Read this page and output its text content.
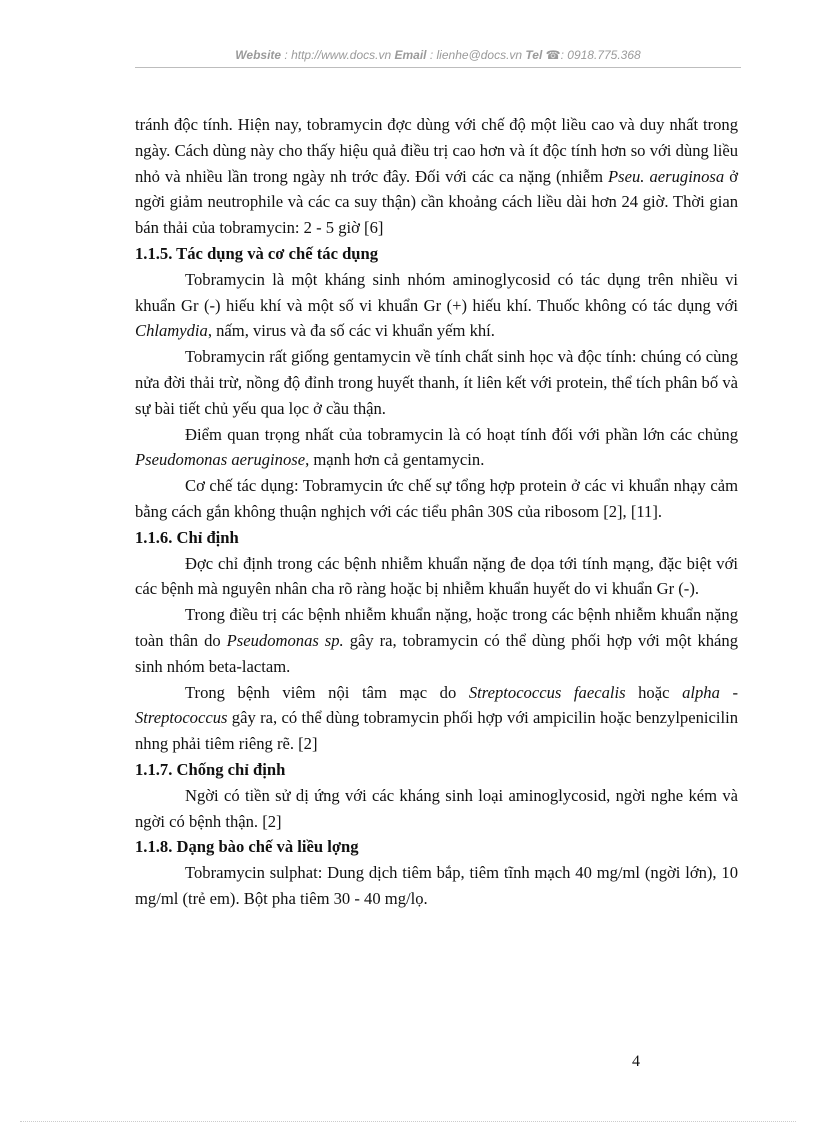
Website : http://www.docs.vn Email : lienhe@docs.vn Tel ☎: 0918.775.368

tránh độc tính. Hiện nay, tobramycin đợc dùng với chế độ một liều cao và duy nhất trong ngày. Cách dùng này cho thấy hiệu quả điều trị cao hơn và ít độc tính hơn so với dùng liều nhỏ và nhiều lần trong ngày nh trớc đây. Đối với các ca nặng (nhiễm Pseu. aeruginosa ở ngời giảm neutrophile và các ca suy thận) cần khoảng cách liều dài hơn 24 giờ. Thời gian bán thải của tobramycin: 2 - 5 giờ [6]

1.1.5. Tác dụng và cơ chế tác dụng

Tobramycin là một kháng sinh nhóm aminoglycosid có tác dụng trên nhiều vi khuẩn Gr (-) hiếu khí và một số vi khuẩn Gr (+) hiếu khí. Thuốc không có tác dụng với Chlamydia, nấm, virus và đa số các vi khuẩn yếm khí.

Tobramycin rất giống gentamycin về tính chất sinh học và độc tính: chúng có cùng nửa đời thải trừ, nồng độ đỉnh trong huyết thanh, ít liên kết với protein, thể tích phân bố và sự bài tiết chủ yếu qua lọc ở cầu thận.

Điểm quan trọng nhất của tobramycin là có hoạt tính đối với phần lớn các chủng Pseudomonas aeruginose, mạnh hơn cả gentamycin.

Cơ chế tác dụng: Tobramycin ức chế sự tổng hợp protein ở các vi khuẩn nhạy cảm bằng cách gắn không thuận nghịch với các tiểu phân 30S của ribosom [2], [11].

1.1.6. Chỉ định

Đợc chỉ định trong các bệnh nhiễm khuẩn nặng đe dọa tới tính mạng, đặc biệt với các bệnh mà nguyên nhân cha rõ ràng hoặc bị nhiễm khuẩn huyết do vi khuẩn Gr (-).

Trong điều trị các bệnh nhiễm khuẩn nặng, hoặc trong các bệnh nhiễm khuẩn nặng toàn thân do Pseudomonas sp. gây ra, tobramycin có thể dùng phối hợp với một kháng sinh nhóm beta-lactam.

Trong bệnh viêm nội tâm mạc do Streptococcus faecalis hoặc alpha - Streptococcus gây ra, có thể dùng tobramycin phối hợp với ampicilin hoặc benzylpenicilin nhng phải tiêm riêng rẽ. [2]

1.1.7. Chống chỉ định

Ngời có tiền sử dị ứng với các kháng sinh loại aminoglycosid, ngời nghe kém và ngời có bệnh thận. [2]

1.1.8. Dạng bào chế và liều lợng

Tobramycin sulphat: Dung dịch tiêm bắp, tiêm tĩnh mạch 40 mg/ml (ngời lớn), 10 mg/ml (trẻ em). Bột pha tiêm 30 - 40 mg/lọ.

4
